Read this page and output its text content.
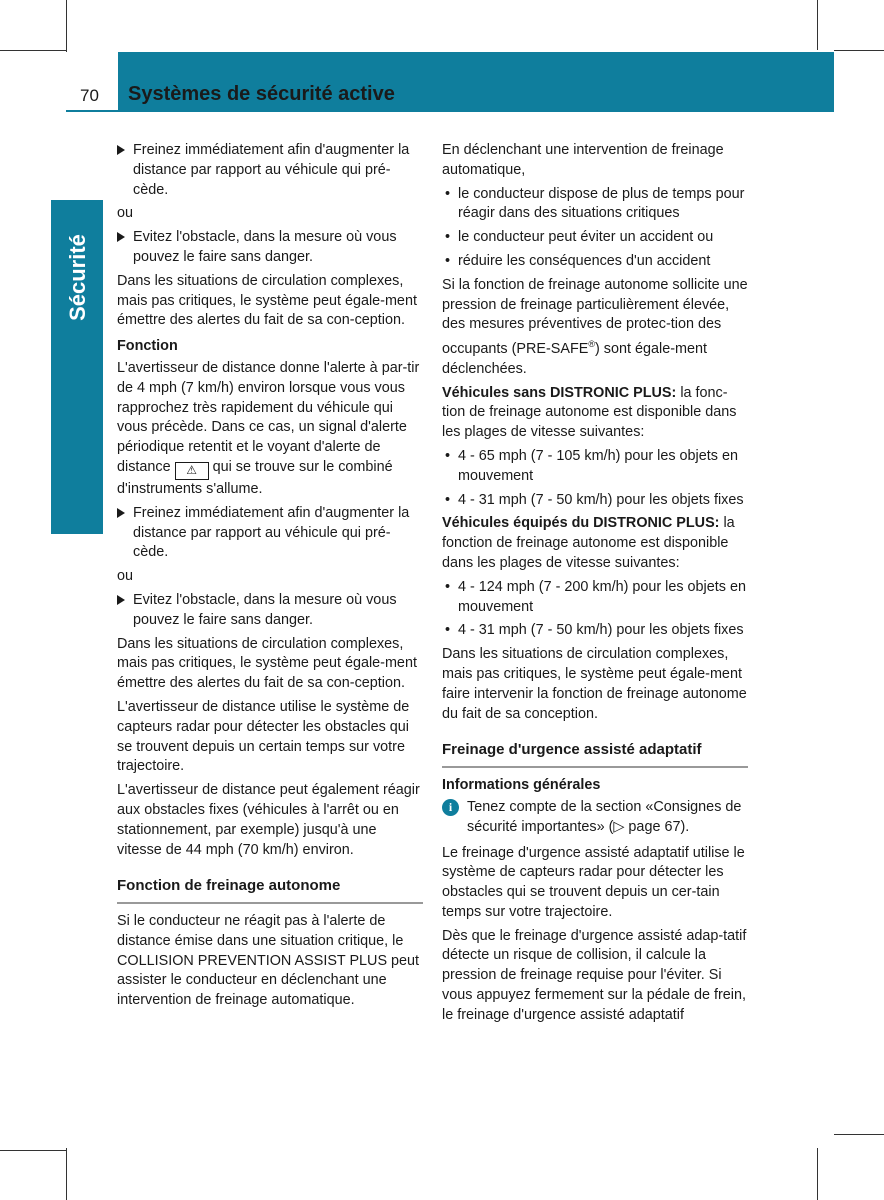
70 Systèmes de sécurité active
Sécurité
Freinez immédiatement afin d'augmenter la distance par rapport au véhicule qui pré-cède.
ou
Evitez l'obstacle, dans la mesure où vous pouvez le faire sans danger.

Dans les situations de circulation complexes, mais pas critiques, le système peut égale-ment émettre des alertes du fait de sa con-ception.

Fonction

L'avertisseur de distance donne l'alerte à par-tir de 4 mph (7 km/h) environ lorsque vous vous rapprochez très rapidement du véhicule qui vous précède. Dans ce cas, un signal d'alerte périodique retentit et le voyant d'alerte de distance ⚠ qui se trouve sur le combiné d'instruments s'allume.

Freinez immédiatement afin d'augmenter la distance par rapport au véhicule qui pré-cède.
ou
Evitez l'obstacle, dans la mesure où vous pouvez le faire sans danger.

Dans les situations de circulation complexes, mais pas critiques, le système peut égale-ment émettre des alertes du fait de sa con-ception.

L'avertisseur de distance utilise le système de capteurs radar pour détecter les obstacles qui se trouvent depuis un certain temps sur votre trajectoire.

L'avertisseur de distance peut également réagir aux obstacles fixes (véhicules à l'arrêt ou en stationnement, par exemple) jusqu'à une vitesse de 44 mph (70 km/h) environ.

Fonction de freinage autonome

Si le conducteur ne réagit pas à l'alerte de distance émise dans une situation critique, le COLLISION PREVENTION ASSIST PLUS peut assister le conducteur en déclenchant une intervention de freinage automatique.

En déclenchant une intervention de freinage automatique,

• le conducteur dispose de plus de temps pour réagir dans des situations critiques
• le conducteur peut éviter un accident ou
• réduire les conséquences d'un accident

Si la fonction de freinage autonome sollicite une pression de freinage particulièrement élevée, des mesures préventives de protec-tion des occupants (PRE-SAFE®) sont égale-ment déclenchées.

Véhicules sans DISTRONIC PLUS: la fonc-tion de freinage autonome est disponible dans les plages de vitesse suivantes:

• 4 - 65 mph (7 - 105 km/h) pour les objets en mouvement
• 4 - 31 mph (7 - 50 km/h) pour les objets fixes

Véhicules équipés du DISTRONIC PLUS: la fonction de freinage autonome est disponible dans les plages de vitesse suivantes:

• 4 - 124 mph (7 - 200 km/h) pour les objets en mouvement
• 4 - 31 mph (7 - 50 km/h) pour les objets fixes

Dans les situations de circulation complexes, mais pas critiques, le système peut égale-ment faire intervenir la fonction de freinage autonome du fait de sa conception.

Freinage d'urgence assisté adaptatif
Informations générales
i	Tenez compte de la section «Consignes de sécurité importantes» (▷ page 67).

Le freinage d'urgence assisté adaptatif utilise le système de capteurs radar pour détecter les obstacles qui se trouvent depuis un cer-tain temps sur votre trajectoire.

Dès que le freinage d'urgence assisté adap-tatif détecte un risque de collision, il calcule la pression de freinage requise pour l'éviter. Si vous appuyez fermement sur la pédale de frein, le freinage d'urgence assisté adaptatif
